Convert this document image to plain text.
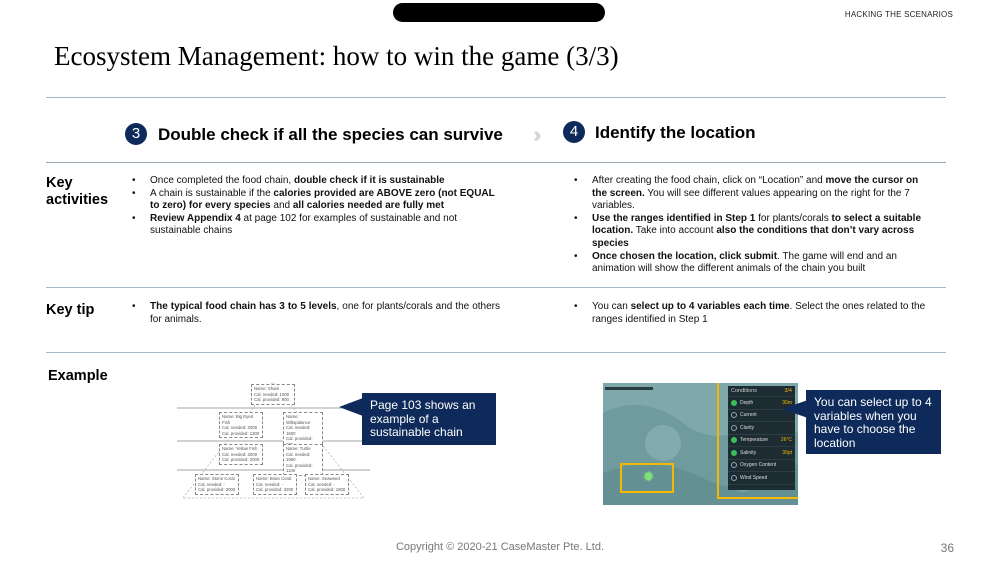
HACKING THE SCENARIOS
Ecosystem Management: how to win the game (3/3)
3	Double check if all the species can survive ››	4 Identify the location
Key
activities
• Once completed the food chain, double check if it is sustainable
• A chain is sustainable if the calories provided are ABOVE zero (not EQUAL to zero) for every species and all calories needed are fully met
• Review Appendix 4 at page 102 for examples of sustainable and not sustainable chains
• After creating the food chain, click on “Location” and move the cursor on the screen. You will see different values appearing on the right for the 7 variables.
• Use the ranges identified in Step 1 for plants/corals to select a suitable location. Take into account also the conditions that don’t vary across species
• Once chosen the location, click submit. The game will end and an animation will show the different animals of the chain you built
Key tip
•	The typical food chain has 3 to 5 levels, one for plants/corals and the others for animals.
• You can select up to 4 variables each time. Select the ones related to the ranges identified in Step 1
Example
Name: Shark
Cal. needed: 1000
Cal. provided: 900
Name: Big Eyed Fish
Cal. needed: 2000
Cal. provided: 1300
Name: Wiltspalance
Cal. needed: 1600
Cal. provided:
Name: Yellow Fish
Cal. needed: 3000
Cal. provided: 2000
Name: Turtle
Cal. needed: 1960
Cal. provided: 1100
Name: Stone Coral
Cal. needed: -
Cal. provided: 2000
Name: Brain Coral
Cal. needed: -
Cal. provided: 3200
Name: Seaweed
Cal. needed: -
Cal. provided: 1800
Page 103 shows an example of a sustainable chain
✹
Conditions	3/4
Depth	30m
Current
Clarity
Temperature	26°C
Salinity	30pt
Oxygen Content
Wind Speed
You can select up to 4 variables when you have to choose the location
Copyright © 2020-21 CaseMaster Pte. Ltd.	36
